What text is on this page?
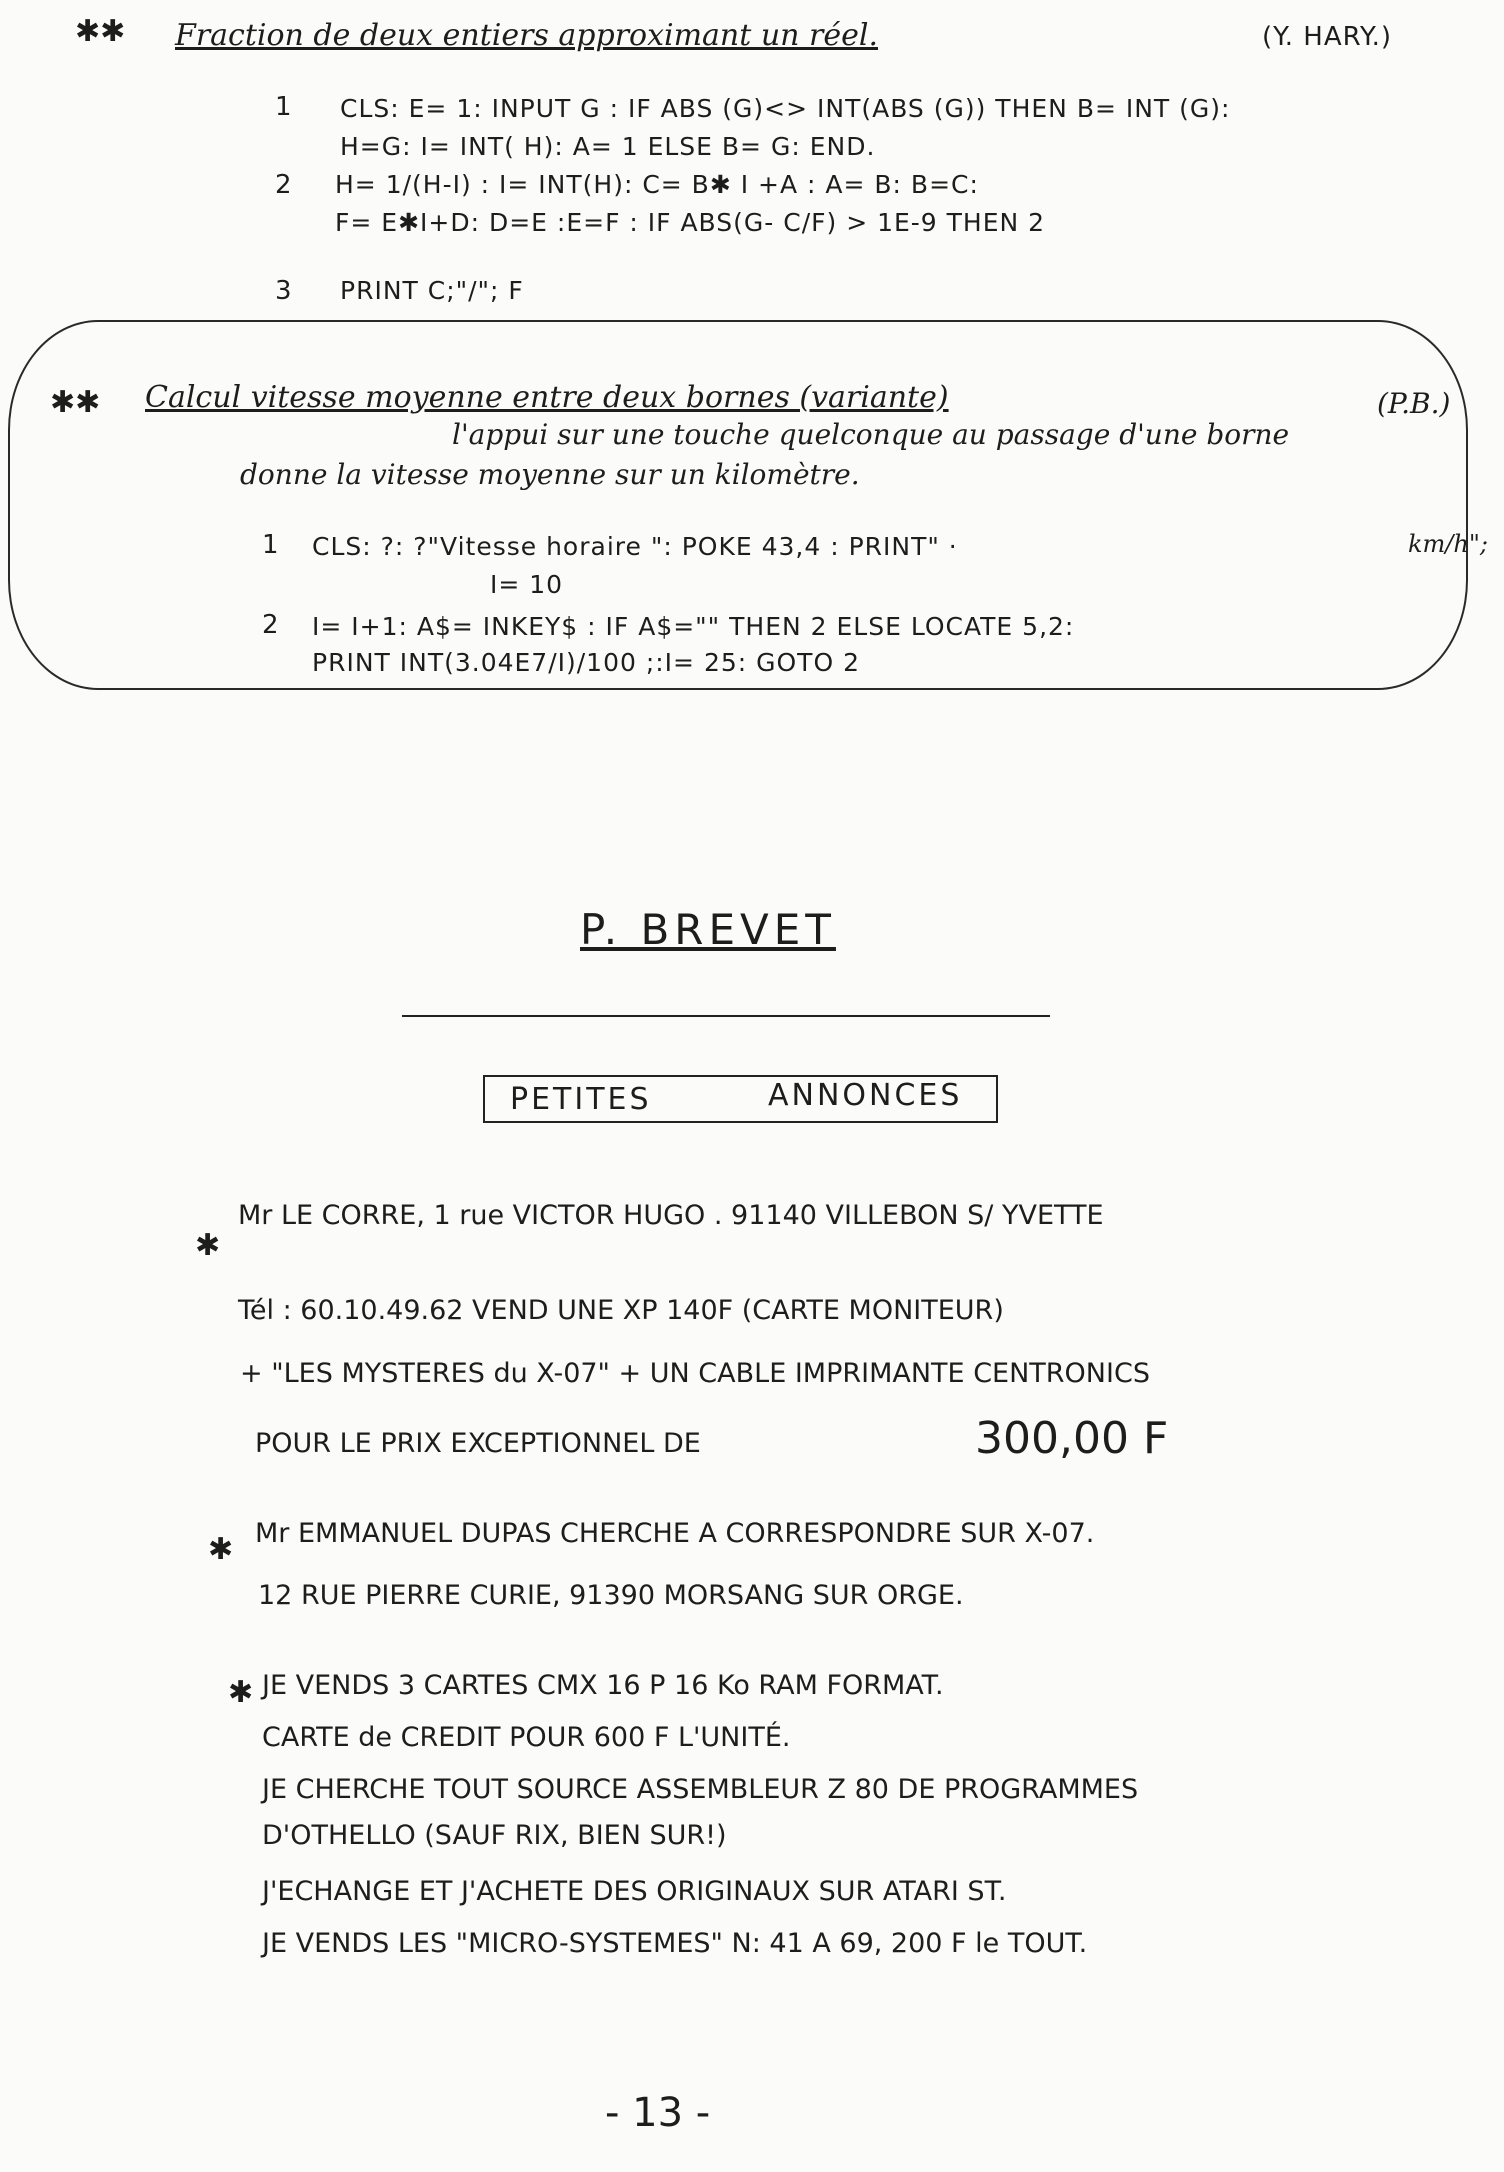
✱✱ Fraction de deux entiers approximant un réel.	(Y. HARY.)
1 CLS: E= 1: INPUT G : IF ABS (G)<> INT(ABS (G)) THEN B= INT (G):
H=G: I= INT( H): A= 1 ELSE B= G: END.
2 H= 1/(H-I) : I= INT(H): C= B✱ I +A : A= B: B=C:
F= E✱I+D: D=E :E=F : IF ABS(G- C/F) > 1E-9 THEN 2
3 PRINT C;"/"; F
✱✱ Calcul vitesse moyenne entre deux bornes (variante)	(P.B.)
l'appui sur une touche quelconque au passage d'une borne
donne la vitesse moyenne sur un kilomètre.
1 CLS: ?: ?"Vitesse horaire ": POKE 43,4 : PRINT" ·
I= 10
2 I= I+1: A$= INKEY$ : IF A$="" THEN 2 ELSE LOCATE 5,2:
PRINT INT(3.04E7/I)/100 ;:I= 25: GOTO 2
km/h";
P. BREVET
PETITES	ANNONCES
✱
Mr LE CORRE, 1 rue VICTOR HUGO . 91140 VILLEBON S/ YVETTE
Tél : 60.10.49.62 VEND UNE XP 140F (CARTE MONITEUR)
+ "LES MYSTERES du X-07" + UN CABLE IMPRIMANTE CENTRONICS
POUR LE PRIX EXCEPTIONNEL DE	300,00 F
✱ Mr EMMANUEL DUPAS CHERCHE A CORRESPONDRE SUR X-07.
12 RUE PIERRE CURIE, 91390 MORSANG SUR ORGE.
✱ JE VENDS 3 CARTES CMX 16 P 16 Ko RAM FORMAT.
CARTE de CREDIT POUR 600 F L'UNITÉ.
JE CHERCHE TOUT SOURCE ASSEMBLEUR Z 80 DE PROGRAMMES
D'OTHELLO (SAUF RIX, BIEN SUR!)
J'ECHANGE ET J'ACHETE DES ORIGINAUX SUR ATARI ST.
JE VENDS LES "MICRO-SYSTEMES" N: 41 A 69, 200 F le TOUT.
- 13 -
